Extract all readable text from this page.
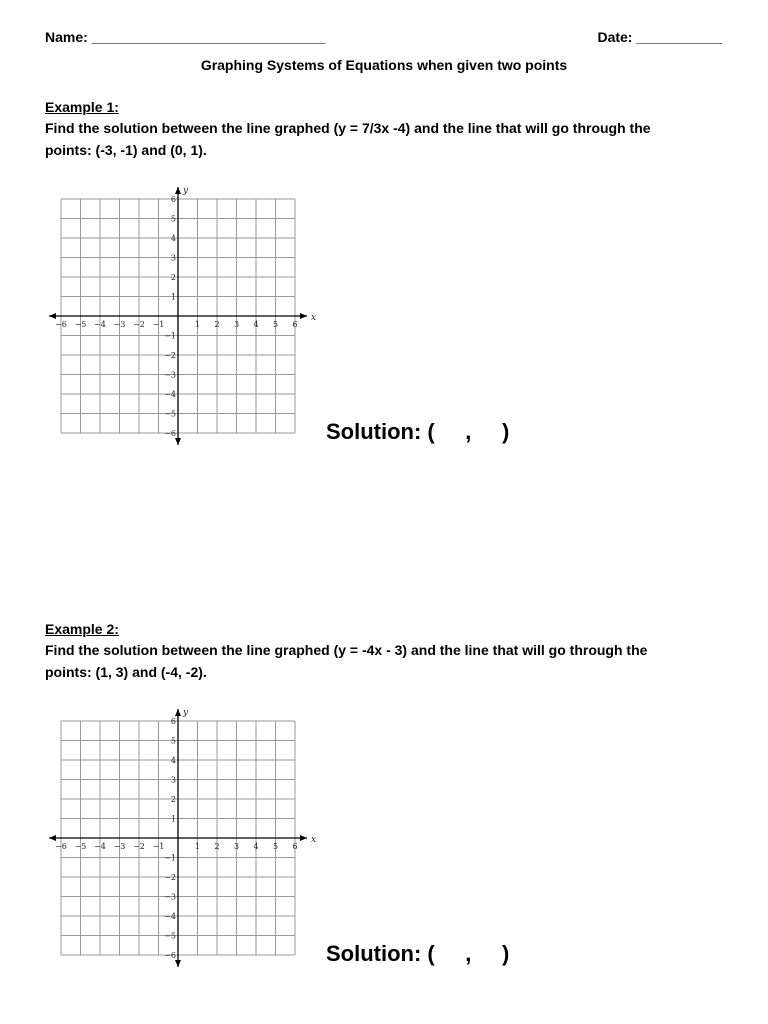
Name: ______________________________	Date: ___________
Graphing Systems of Equations when given two points
Example 1:
Find the solution between the line graphed (y = 7/3x -4) and the line that will go through the
points: (-3, -1) and (0, 1).
−6 −5 −4 −3 −2 −1	1 2 3 4 5 6
6
5
4
3
2
1
−1
−2
−3
−4
−5
−6
x
y
Solution: (     ,     )
Example 2:
Find the solution between the line graphed (y = -4x - 3) and the line that will go through the
points: (1, 3) and (-4, -2).
−6 −5 −4 −3 −2 −1	1 2 3 4 5 6
6
5
4
3
2
1
−1
−2
−3
−4
−5
−6
x
y
Solution: (     ,     )
